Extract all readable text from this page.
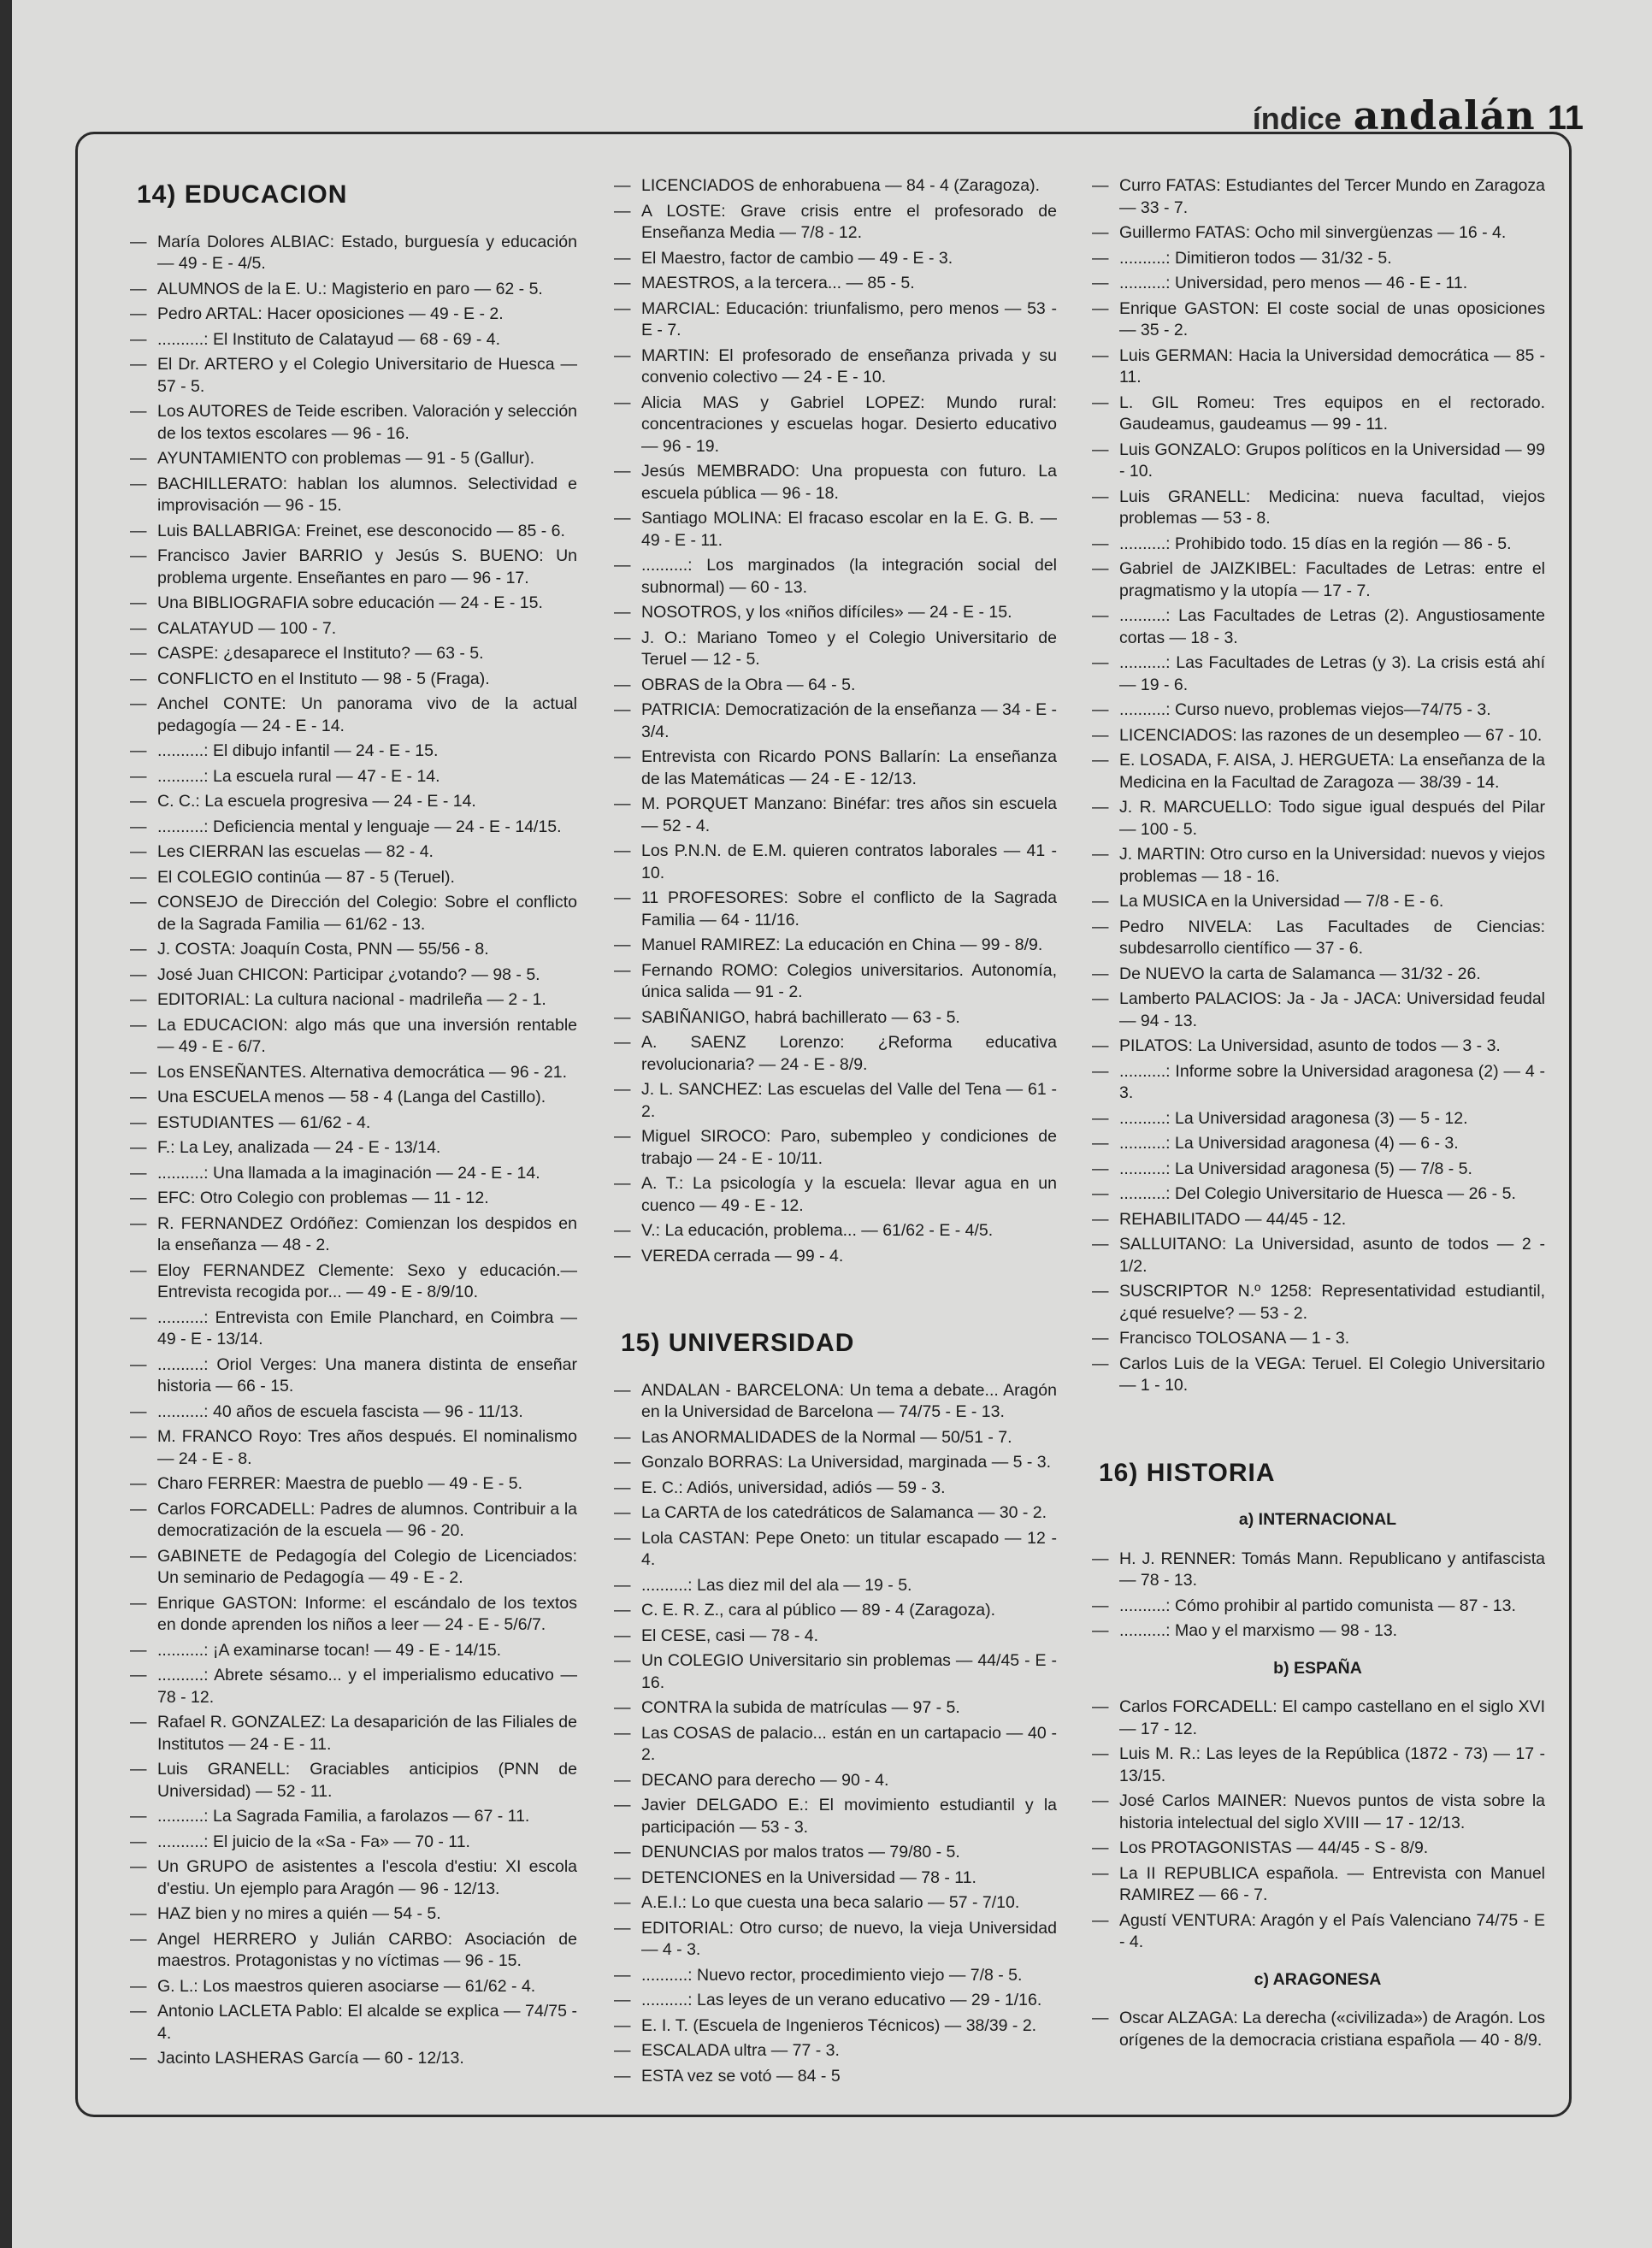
índice andalán 11
14) EDUCACION
— María Dolores ALBIAC: Estado, burguesía y educación — 49 - E - 4/5.
— ALUMNOS de la E. U.: Magisterio en paro — 62 - 5.
— Pedro ARTAL: Hacer oposiciones — 49 - E - 2.
— ..........: El Instituto de Calatayud — 68 - 69 - 4.
— El Dr. ARTERO y el Colegio Universitario de Huesca — 57 - 5.
— Los AUTORES de Teide escriben. Valoración y selección de los textos escolares — 96 - 16.
— AYUNTAMIENTO con problemas — 91 - 5 (Gallur).
— BACHILLERATO: hablan los alumnos. Selectividad e improvisación — 96 - 15.
— Luis BALLABRIGA: Freinet, ese desconocido — 85 - 6.
— Francisco Javier BARRIO y Jesús S. BUENO: Un problema urgente. Enseñantes en paro — 96 - 17.
— Una BIBLIOGRAFIA sobre educación — 24 - E - 15.
— CALATAYUD — 100 - 7.
— CASPE: ¿desaparece el Instituto? — 63 - 5.
— CONFLICTO en el Instituto — 98 - 5 (Fraga).
— Anchel CONTE: Un panorama vivo de la actual pedagogía — 24 - E - 14.
— ..........: El dibujo infantil — 24 - E - 15.
— ..........: La escuela rural — 47 - E - 14.
— C. C.: La escuela progresiva — 24 - E - 14.
— ..........: Deficiencia mental y lenguaje — 24 - E - 14/15.
— Les CIERRAN las escuelas — 82 - 4.
— El COLEGIO continúa — 87 - 5 (Teruel).
— CONSEJO de Dirección del Colegio: Sobre el conflicto de la Sagrada Familia — 61/62 - 13.
— J. COSTA: Joaquín Costa, PNN — 55/56 - 8.
— José Juan CHICON: Participar ¿votando? — 98 - 5.
— EDITORIAL: La cultura nacional - madrileña — 2 - 1.
— La EDUCACION: algo más que una inversión rentable — 49 - E - 6/7.
— Los ENSEÑANTES. Alternativa democrática — 96 - 21.
— Una ESCUELA menos — 58 - 4 (Langa del Castillo).
— ESTUDIANTES — 61/62 - 4.
— F.: La Ley, analizada — 24 - E - 13/14.
— ..........: Una llamada a la imaginación — 24 - E - 14.
— EFC: Otro Colegio con problemas — 11 - 12.
— R. FERNANDEZ Ordóñez: Comienzan los despidos en la enseñanza — 48 - 2.
— Eloy FERNANDEZ Clemente: Sexo y educación.— Entrevista recogida por... — 49 - E - 8/9/10.
— ..........: Entrevista con Emile Planchard, en Coimbra — 49 - E - 13/14.
— ..........: Oriol Verges: Una manera distinta de enseñar historia — 66 - 15.
— ..........: 40 años de escuela fascista — 96 - 11/13.
— M. FRANCO Royo: Tres años después. El nominalismo — 24 - E - 8.
— Charo FERRER: Maestra de pueblo — 49 - E - 5.
— Carlos FORCADELL: Padres de alumnos. Contribuir a la democratización de la escuela — 96 - 20.
— GABINETE de Pedagogía del Colegio de Licenciados: Un seminario de Pedagogía — 49 - E - 2.
— Enrique GASTON: Informe: el escándalo de los textos en donde aprenden los niños a leer — 24 - E - 5/6/7.
— ..........: ¡A examinarse tocan! — 49 - E - 14/15.
— ..........: Abrete sésamo... y el imperialismo educativo — 78 - 12.
— Rafael R. GONZALEZ: La desaparición de las Filiales de Institutos — 24 - E - 11.
— Luis GRANELL: Graciables anticipios (PNN de Universidad) — 52 - 11.
— ..........: La Sagrada Familia, a farolazos — 67 - 11.
— ..........: El juicio de la «Sa - Fa» — 70 - 11.
— Un GRUPO de asistentes a l'escola d'estiu: XI escola d'estiu. Un ejemplo para Aragón — 96 - 12/13.
— HAZ bien y no mires a quién — 54 - 5.
— Angel HERRERO y Julián CARBO: Asociación de maestros. Protagonistas y no víctimas — 96 - 15.
— G. L.: Los maestros quieren asociarse — 61/62 - 4.
— Antonio LACLETA Pablo: El alcalde se explica — 74/75 - 4.
— Jacinto LASHERAS García — 60 - 12/13.
— LICENCIADOS de enhorabuena — 84 - 4 (Zaragoza).
— A LOSTE: Grave crisis entre el profesorado de Enseñanza Media — 7/8 - 12.
— El Maestro, factor de cambio — 49 - E - 3.
— MAESTROS, a la tercera... — 85 - 5.
— MARCIAL: Educación: triunfalismo, pero menos — 53 - E - 7.
— MARTIN: El profesorado de enseñanza privada y su convenio colectivo — 24 - E - 10.
— Alicia MAS y Gabriel LOPEZ: Mundo rural: concentraciones y escuelas hogar. Desierto educativo — 96 - 19.
— Jesús MEMBRADO: Una propuesta con futuro. La escuela pública — 96 - 18.
— Santiago MOLINA: El fracaso escolar en la E. G. B. — 49 - E - 11.
— ..........: Los marginados (la integración social del subnormal) — 60 - 13.
— NOSOTROS, y los «niños difíciles» — 24 - E - 15.
— J. O.: Mariano Tomeo y el Colegio Universitario de Teruel — 12 - 5.
— OBRAS de la Obra — 64 - 5.
— PATRICIA: Democratización de la enseñanza — 34 - E - 3/4.
— Entrevista con Ricardo PONS Ballarín: La enseñanza de las Matemáticas — 24 - E - 12/13.
— M. PORQUET Manzano: Binéfar: tres años sin escuela — 52 - 4.
— Los P.N.N. de E.M. quieren contratos laborales — 41 - 10.
— 11 PROFESORES: Sobre el conflicto de la Sagrada Familia — 64 - 11/16.
— Manuel RAMIREZ: La educación en China — 99 - 8/9.
— Fernando ROMO: Colegios universitarios. Autonomía, única salida — 91 - 2.
— SABIÑANIGO, habrá bachillerato — 63 - 5.
— A. SAENZ Lorenzo: ¿Reforma educativa revolucionaria? — 24 - E - 8/9.
— J. L. SANCHEZ: Las escuelas del Valle del Tena — 61 - 2.
— Miguel SIROCO: Paro, subempleo y condiciones de trabajo — 24 - E - 10/11.
— A. T.: La psicología y la escuela: llevar agua en un cuenco — 49 - E - 12.
— V.: La educación, problema... — 61/62 - E - 4/5.
— VEREDA cerrada — 99 - 4.
15) UNIVERSIDAD
— ANDALAN - BARCELONA: Un tema a debate... Aragón en la Universidad de Barcelona — 74/75 - E - 13.
— Las ANORMALIDADES de la Normal — 50/51 - 7.
— Gonzalo BORRAS: La Universidad, marginada — 5 - 3.
— E. C.: Adiós, universidad, adiós — 59 - 3.
— La CARTA de los catedráticos de Salamanca — 30 - 2.
— Lola CASTAN: Pepe Oneto: un titular escapado — 12 - 4.
— ..........: Las diez mil del ala — 19 - 5.
— C. E. R. Z., cara al público — 89 - 4 (Zaragoza).
— El CESE, casi — 78 - 4.
— Un COLEGIO Universitario sin problemas — 44/45 - E - 16.
— CONTRA la subida de matrículas — 97 - 5.
— Las COSAS de palacio... están en un cartapacio — 40 - 2.
— DECANO para derecho — 90 - 4.
— Javier DELGADO E.: El movimiento estudiantil y la participación — 53 - 3.
— DENUNCIAS por malos tratos — 79/80 - 5.
— DETENCIONES en la Universidad — 78 - 11.
— A.E.I.: Lo que cuesta una beca salario — 57 - 7/10.
— EDITORIAL: Otro curso; de nuevo, la vieja Universidad — 4 - 3.
— ..........: Nuevo rector, procedimiento viejo — 7/8 - 5.
— ..........: Las leyes de un verano educativo — 29 - 1/16.
— E. I. T. (Escuela de Ingenieros Técnicos) — 38/39 - 2.
— ESCALADA ultra — 77 - 3.
— ESTA vez se votó — 84 - 5
— Curro FATAS: Estudiantes del Tercer Mundo en Zaragoza — 33 - 7.
— Guillermo FATAS: Ocho mil sinvergüenzas — 16 - 4.
— ..........: Dimitieron todos — 31/32 - 5.
— ..........: Universidad, pero menos — 46 - E - 11.
— Enrique GASTON: El coste social de unas oposiciones — 35 - 2.
— Luis GERMAN: Hacia la Universidad democrática — 85 - 11.
— L. GIL Romeu: Tres equipos en el rectorado. Gaudeamus, gaudeamus — 99 - 11.
— Luis GONZALO: Grupos políticos en la Universidad — 99 - 10.
— Luis GRANELL: Medicina: nueva facultad, viejos problemas — 53 - 8.
— ..........: Prohibido todo. 15 días en la región — 86 - 5.
— Gabriel de JAIZKIBEL: Facultades de Letras: entre el pragmatismo y la utopía — 17 - 7.
— ..........: Las Facultades de Letras (2). Angustiosamente cortas — 18 - 3.
— ..........: Las Facultades de Letras (y 3). La crisis está ahí — 19 - 6.
— ..........: Curso nuevo, problemas viejos—74/75 - 3.
— LICENCIADOS: las razones de un desempleo — 67 - 10.
— E. LOSADA, F. AISA, J. HERGUETA: La enseñanza de la Medicina en la Facultad de Zaragoza — 38/39 - 14.
— J. R. MARCUELLO: Todo sigue igual después del Pilar — 100 - 5.
— J. MARTIN: Otro curso en la Universidad: nuevos y viejos problemas — 18 - 16.
— La MUSICA en la Universidad — 7/8 - E - 6.
— Pedro NIVELA: Las Facultades de Ciencias: subdesarrollo científico — 37 - 6.
— De NUEVO la carta de Salamanca — 31/32 - 26.
— Lamberto PALACIOS: Ja - Ja - JACA: Universidad feudal — 94 - 13.
— PILATOS: La Universidad, asunto de todos — 3 - 3.
— ..........: Informe sobre la Universidad aragonesa (2) — 4 - 3.
— ..........: La Universidad aragonesa (3) — 5 - 12.
— ..........: La Universidad aragonesa (4) — 6 - 3.
— ..........: La Universidad aragonesa (5) — 7/8 - 5.
— ..........: Del Colegio Universitario de Huesca — 26 - 5.
— REHABILITADO — 44/45 - 12.
— SALLUITANO: La Universidad, asunto de todos — 2 - 1/2.
— SUSCRIPTOR N.º 1258: Representatividad estudiantil, ¿qué resuelve? — 53 - 2.
— Francisco TOLOSANA — 1 - 3.
— Carlos Luis de la VEGA: Teruel. El Colegio Universitario — 1 - 10.
16) HISTORIA
a) INTERNACIONAL
— H. J. RENNER: Tomás Mann. Republicano y antifascista — 78 - 13.
— ..........: Cómo prohibir al partido comunista — 87 - 13.
— ..........: Mao y el marxismo — 98 - 13.
b) ESPAÑA
— Carlos FORCADELL: El campo castellano en el siglo XVI — 17 - 12.
— Luis M. R.: Las leyes de la República (1872 - 73) — 17 - 13/15.
— José Carlos MAINER: Nuevos puntos de vista sobre la historia intelectual del siglo XVIII — 17 - 12/13.
— Los PROTAGONISTAS — 44/45 - S - 8/9.
— La II REPUBLICA española. — Entrevista con Manuel RAMIREZ — 66 - 7.
— Agustí VENTURA: Aragón y el País Valenciano 74/75 - E - 4.
c) ARAGONESA
— Oscar ALZAGA: La derecha («civilizada») de Aragón. Los orígenes de la democracia cristiana española — 40 - 8/9.
